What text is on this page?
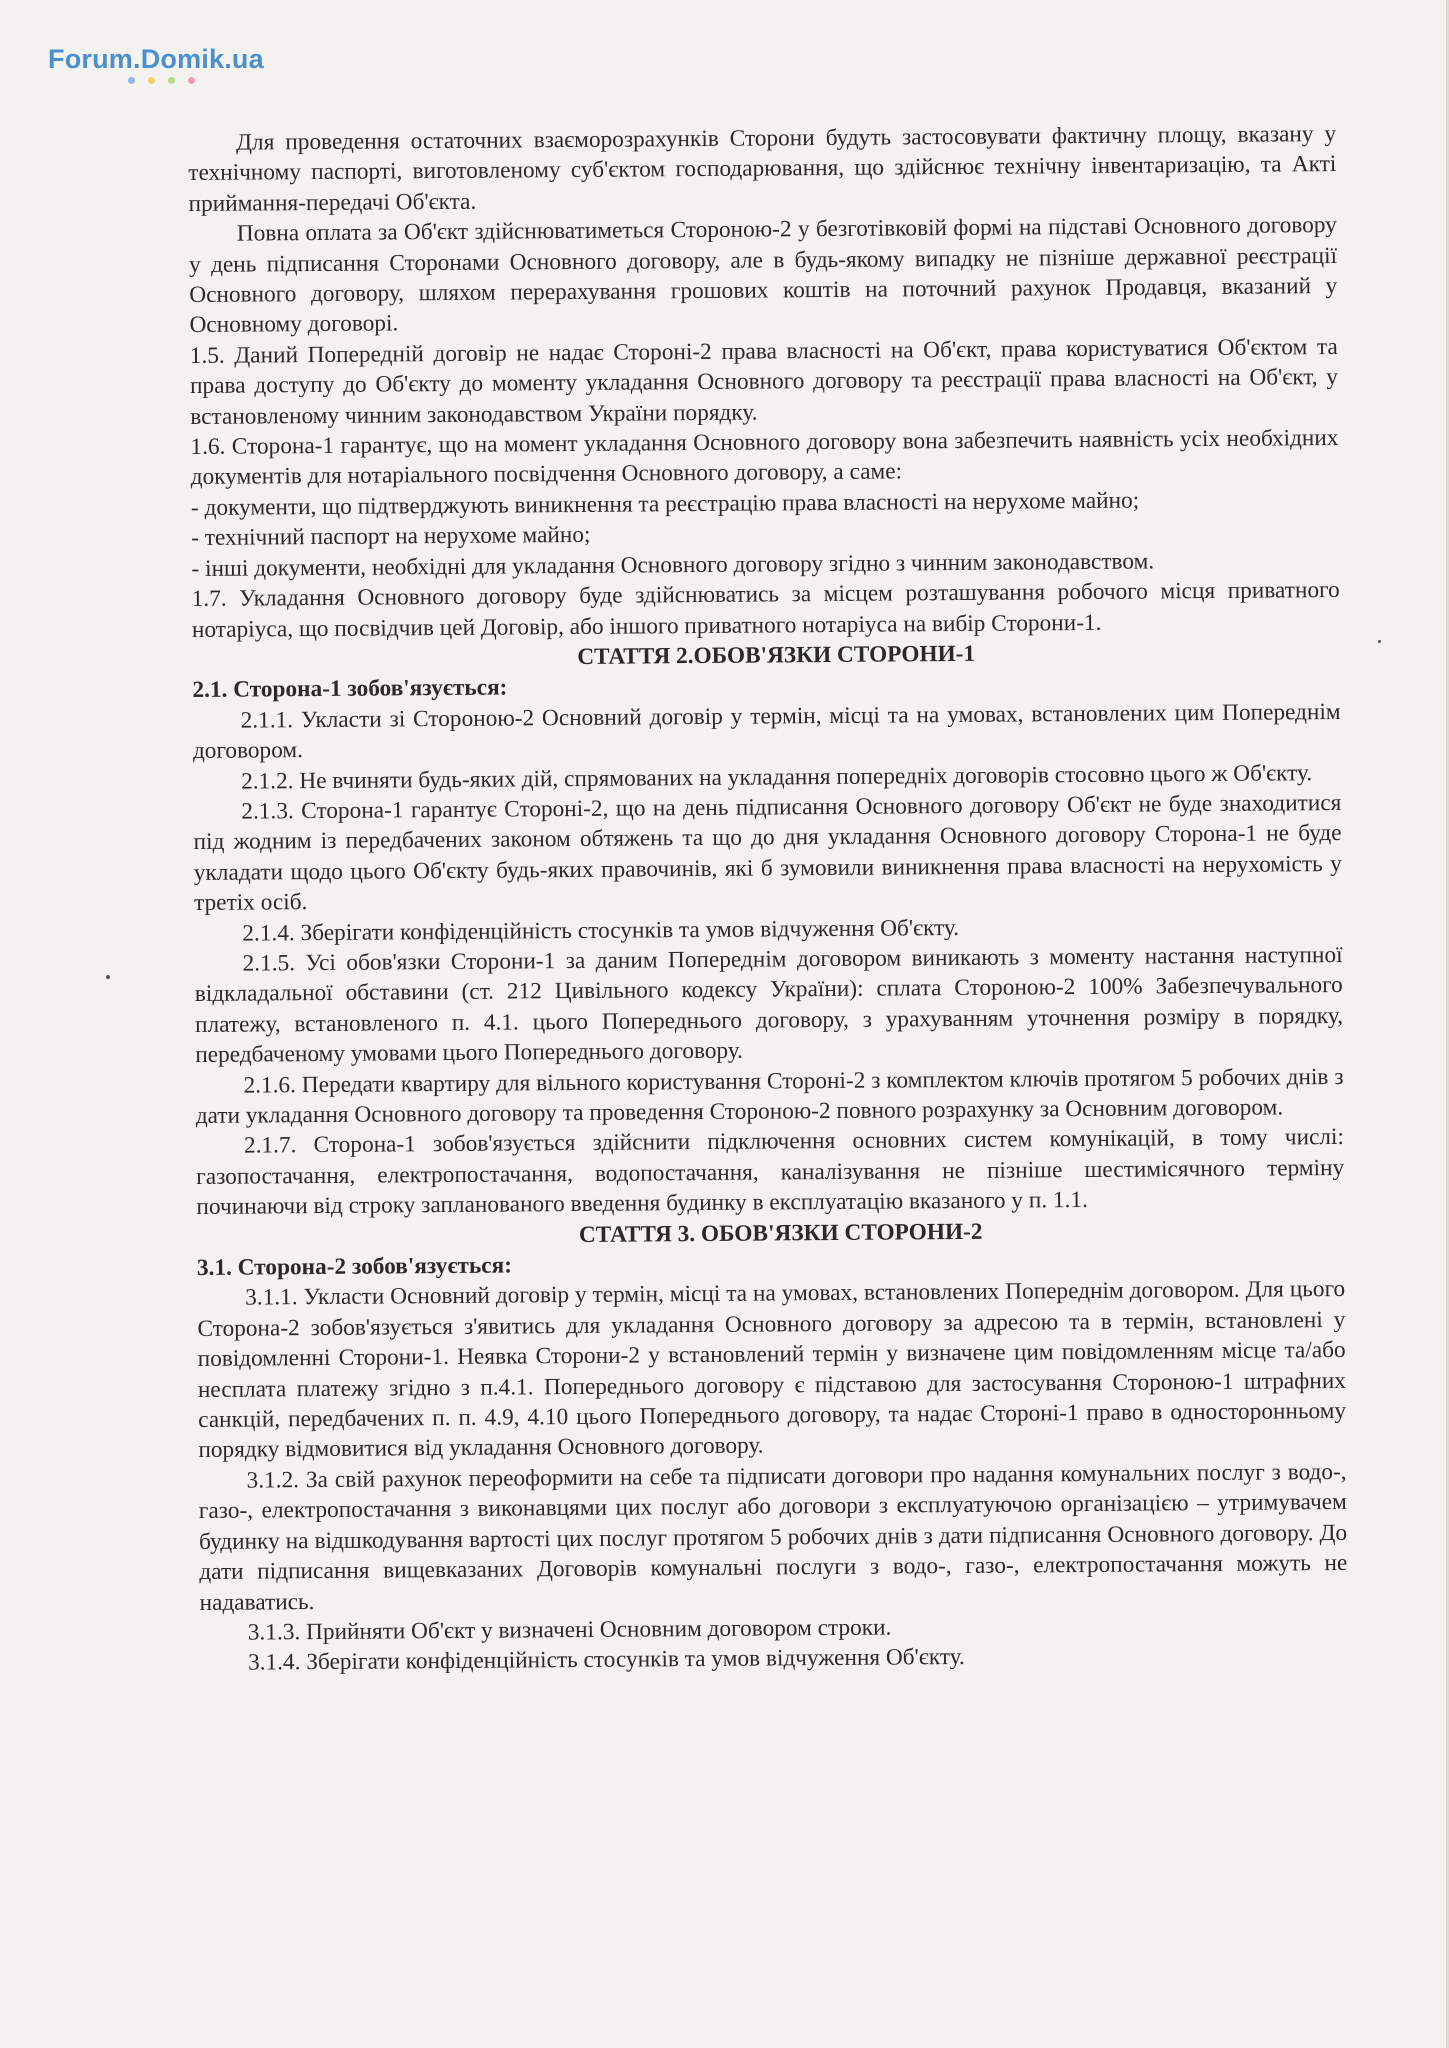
Forum.Domik.ua

Для проведення остаточних взаєморозрахунків Сторони будуть застосовувати фактичну площу, вказану у технічному паспорті, виготовленому суб'єктом господарювання, що здійснює технічну інвентаризацію, та Акті приймання-передачі Об'єкта.

Повна оплата за Об'єкт здійснюватиметься Стороною-2 у безготівковій формі на підставі Основного договору у день підписання Сторонами Основного договору, але в будь-якому випадку не пізніше державної реєстрації Основного договору, шляхом перерахування грошових коштів на поточний рахунок Продавця, вказаний у Основному договорі.

1.5. Даний Попередній договір не надає Стороні-2 права власності на Об'єкт, права користуватися Об'єктом та права доступу до Об'єкту до моменту укладання Основного договору та реєстрації права власності на Об'єкт, у встановленому чинним законодавством України порядку.

1.6. Сторона-1 гарантує, що на момент укладання Основного договору вона забезпечить наявність усіх необхідних документів для нотаріального посвідчення Основного договору, а саме:

- документи, що підтверджують виникнення та реєстрацію права власності на нерухоме майно;

- технічний паспорт на нерухоме майно;

- інші документи, необхідні для укладання Основного договору згідно з чинним законодавством.

1.7. Укладання Основного договору буде здійснюватись за місцем розташування робочого місця приватного нотаріуса, що посвідчив цей Договір, або іншого приватного нотаріуса на вибір Сторони-1.

СТАТТЯ 2.ОБОВ'ЯЗКИ СТОРОНИ-1

2.1. Сторона-1 зобов'язується:

2.1.1. Укласти зі Стороною-2 Основний договір у термін, місці та на умовах, встановлених цим Попереднім договором.

2.1.2. Не вчиняти будь-яких дій, спрямованих на укладання попередніх договорів стосовно цього ж Об'єкту.

2.1.3. Сторона-1 гарантує Стороні-2, що на день підписання Основного договору Об'єкт не буде знаходитися під жодним із передбачених законом обтяжень та що до дня укладання Основного договору Сторона-1 не буде укладати щодо цього Об'єкту будь-яких правочинів, які б зумовили виникнення права власності на нерухомість у третіх осіб.

2.1.4. Зберігати конфіденційність стосунків та умов відчуження Об'єкту.

2.1.5. Усі обов'язки Сторони-1 за даним Попереднім договором виникають з моменту настання наступної відкладальної обставини (ст. 212 Цивільного кодексу України): сплата Стороною-2 100% Забезпечувального платежу, встановленого п. 4.1. цього Попереднього договору, з урахуванням уточнення розміру в порядку, передбаченому умовами цього Попереднього договору.

2.1.6. Передати квартиру для вільного користування Стороні-2 з комплектом ключів протягом 5 робочих днів з дати укладання Основного договору та проведення Стороною-2 повного розрахунку за Основним договором.

2.1.7. Сторона-1 зобов'язується здійснити підключення основних систем комунікацій, в тому числі: газопостачання, електропостачання, водопостачання, каналізування не пізніше шестимісячного терміну починаючи від строку запланованого введення будинку в експлуатацію вказаного у п. 1.1.

СТАТТЯ 3. ОБОВ'ЯЗКИ СТОРОНИ-2

3.1. Сторона-2 зобов'язується:

3.1.1. Укласти Основний договір у термін, місці та на умовах, встановлених Попереднім договором. Для цього Сторона-2 зобов'язується з'явитись для укладання Основного договору за адресою та в термін, встановлені у повідомленні Сторони-1. Неявка Сторони-2 у встановлений термін у визначене цим повідомленням місце та/або несплата платежу згідно з п.4.1. Попереднього договору є підставою для застосування Стороною-1 штрафних санкцій, передбачених п. п. 4.9, 4.10 цього Попереднього договору, та надає Стороні-1 право в односторонньому порядку відмовитися від укладання Основного договору.

3.1.2. За свій рахунок переоформити на себе та підписати договори про надання комунальних послуг з водо-, газо-, електропостачання з виконавцями цих послуг або договори з експлуатуючою організацією – утримувачем будинку на відшкодування вартості цих послуг протягом 5 робочих днів з дати підписання Основного договору. До дати підписання вищевказаних Договорів комунальні послуги з водо-, газо-, електропостачання можуть не надаватись.

3.1.3. Прийняти Об'єкт у визначені Основним договором строки.

3.1.4. Зберігати конфіденційність стосунків та умов відчуження Об'єкту.
